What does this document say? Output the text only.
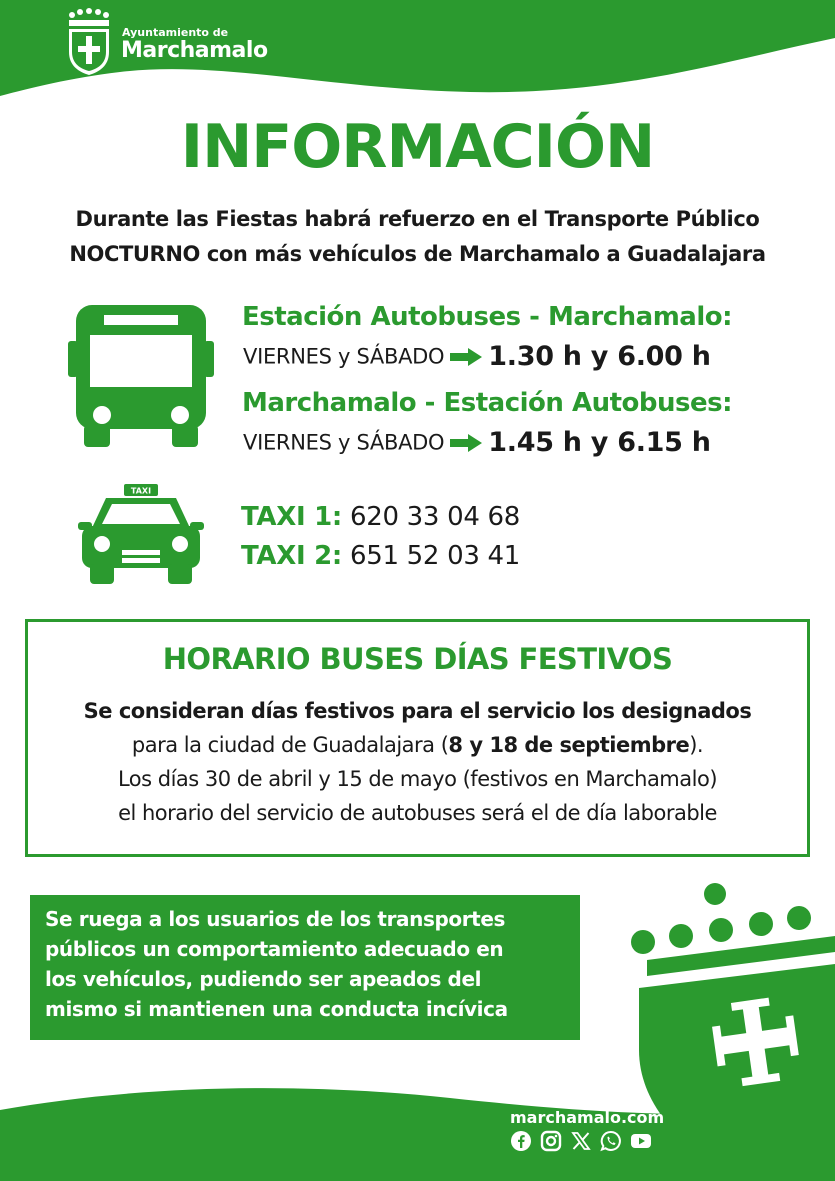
Ayuntamiento de
Marchamalo
INFORMACIÓN
Durante las Fiestas habrá refuerzo en el Transporte Público
NOCTURNO con más vehículos de Marchamalo a Guadalajara
Estación Autobuses - Marchamalo:
VIERNES y SÁBADO 1.30 h y 6.00 h
Marchamalo - Estación Autobuses:
VIERNES y SÁBADO 1.45 h y 6.15 h
TAXI
TAXI 1: 620 33 04 68
TAXI 2: 651 52 03 41
HORARIO BUSES DÍAS FESTIVOS
Se consideran días festivos para el servicio los designados
para la ciudad de Guadalajara (8 y 18 de septiembre).
Los días 30 de abril y 15 de mayo (festivos en Marchamalo)
el horario del servicio de autobuses será el de día laborable
Se ruega a los usuarios de los transportes
públicos un comportamiento adecuado en
los vehículos, pudiendo ser apeados del
mismo si mantienen una conducta incívica
marchamalo.com
